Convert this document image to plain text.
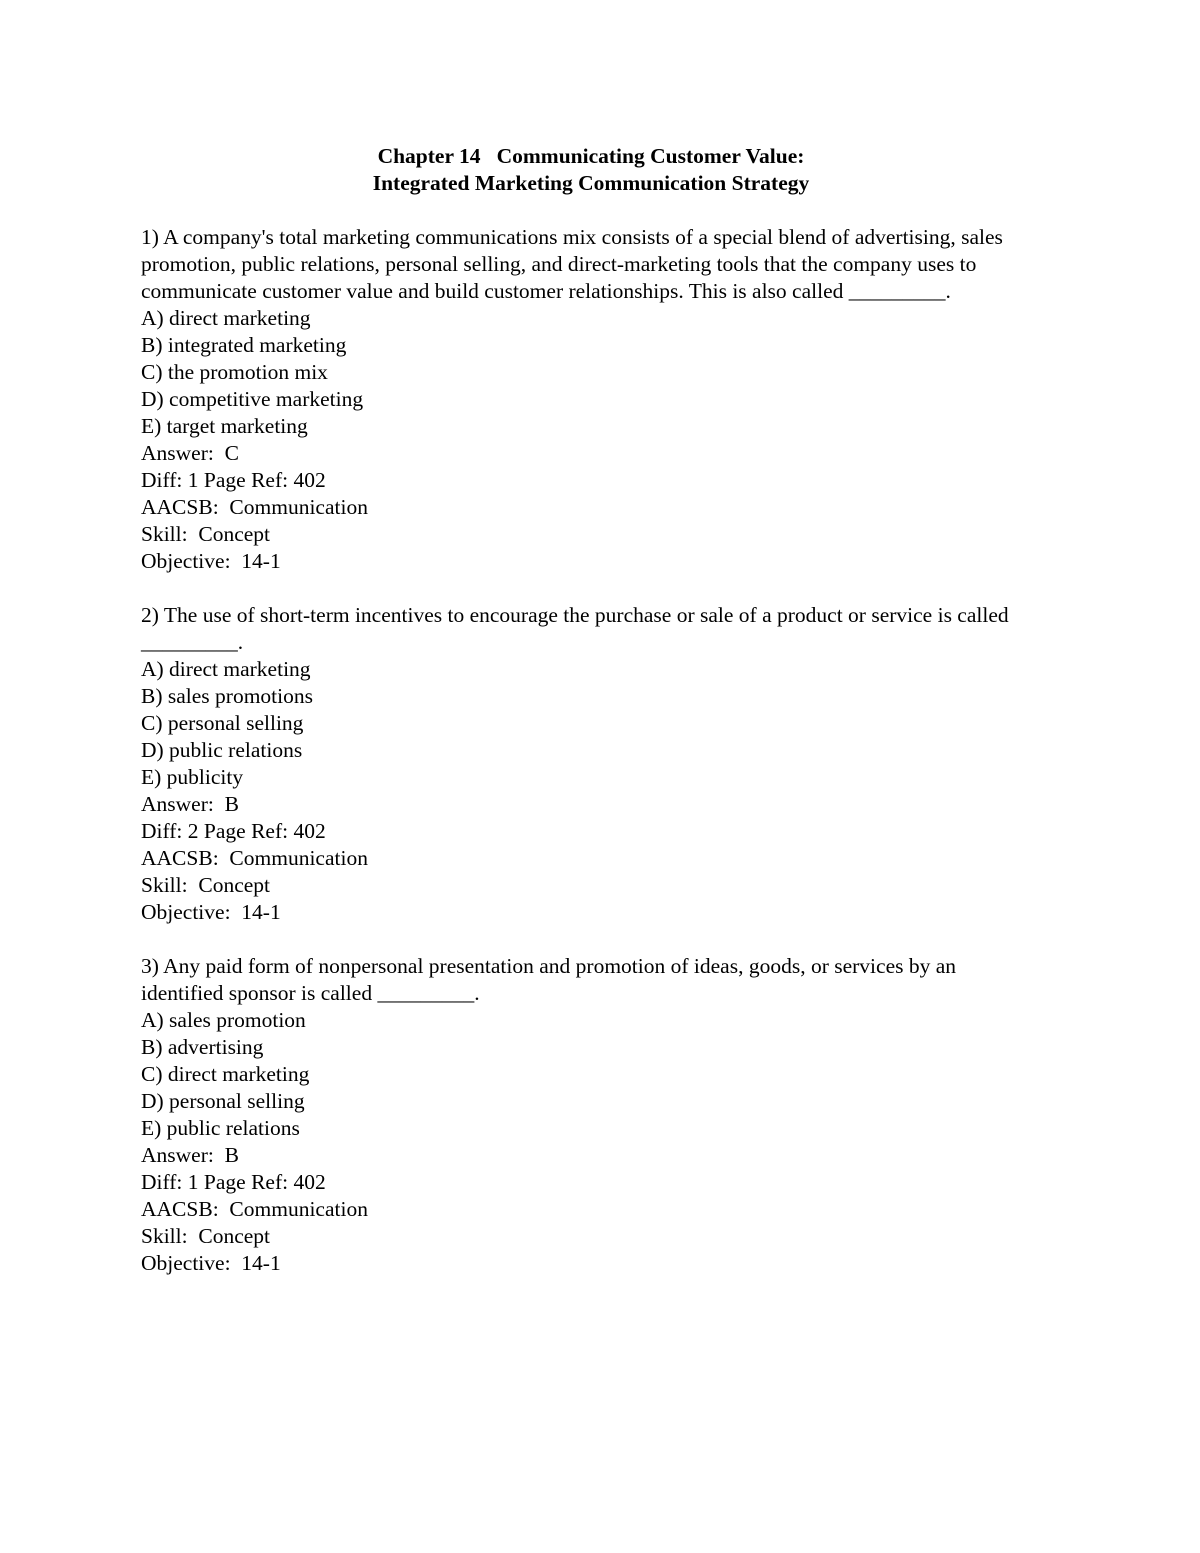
Chapter 14   Communicating Customer Value:
Integrated Marketing Communication Strategy
1) A company's total marketing communications mix consists of a special blend of advertising, sales promotion, public relations, personal selling, and direct-marketing tools that the company uses to communicate customer value and build customer relationships. This is also called _________.
A) direct marketing
B) integrated marketing
C) the promotion mix
D) competitive marketing
E) target marketing
Answer:  C
Diff: 1 Page Ref: 402
AACSB:  Communication
Skill:  Concept
Objective:  14-1
2) The use of short-term incentives to encourage the purchase or sale of a product or service is called _________.
A) direct marketing
B) sales promotions
C) personal selling
D) public relations
E) publicity
Answer:  B
Diff: 2 Page Ref: 402
AACSB:  Communication
Skill:  Concept
Objective:  14-1
3) Any paid form of nonpersonal presentation and promotion of ideas, goods, or services by an identified sponsor is called _________.
A) sales promotion
B) advertising
C) direct marketing
D) personal selling
E) public relations
Answer:  B
Diff: 1 Page Ref: 402
AACSB:  Communication
Skill:  Concept
Objective:  14-1
